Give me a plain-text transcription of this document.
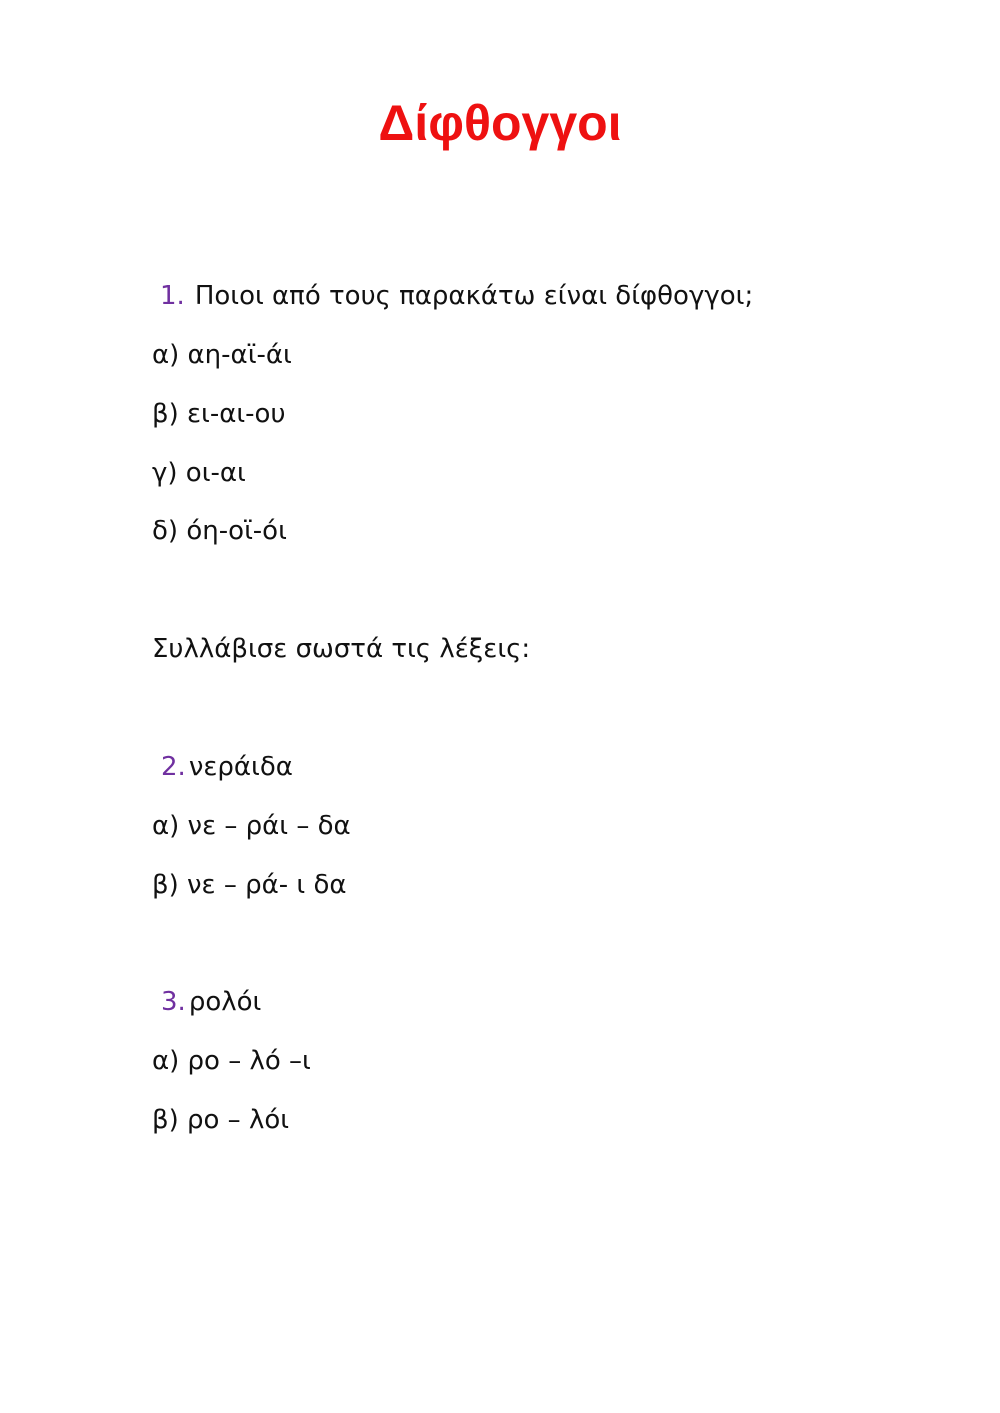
Δίφθογγοι
1. Ποιοι από τους παρακάτω είναι δίφθογγοι;
α) αη-αϊ-άι
β) ει-αι-ου
γ) οι-αι
δ) όη-οϊ-όι
Συλλάβισε σωστά τις λέξεις:
2. νεράιδα
α) νε – ράι – δα
β) νε – ρά- ι δα
3. ρολόι
α) ρο – λό –ι
β) ρο – λόι
